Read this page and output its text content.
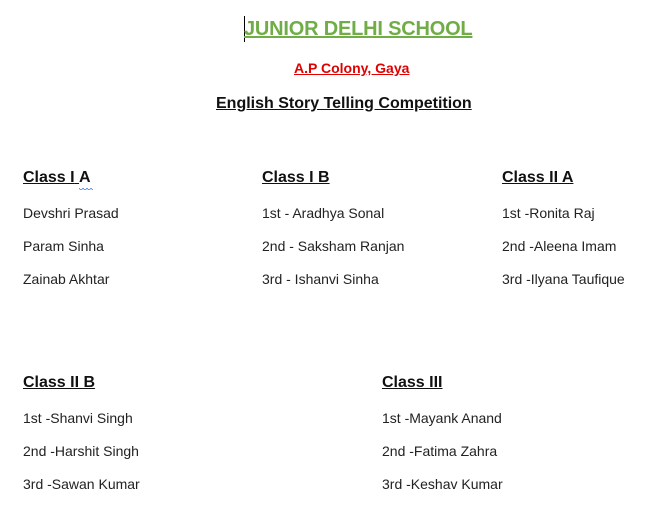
JUNIOR DELHI SCHOOL
A.P Colony, Gaya
English Story Telling Competition
Class I A
Devshri Prasad
Param Sinha
Zainab Akhtar
Class I B
1st - Aradhya Sonal
2nd - Saksham Ranjan
3rd - Ishanvi Sinha
Class II A
1st -Ronita Raj
2nd -Aleena Imam
3rd -Ilyana Taufique
Class II B
1st -Shanvi Singh
2nd -Harshit Singh
3rd -Sawan Kumar
Class III
1st -Mayank Anand
2nd -Fatima Zahra
3rd -Keshav Kumar
